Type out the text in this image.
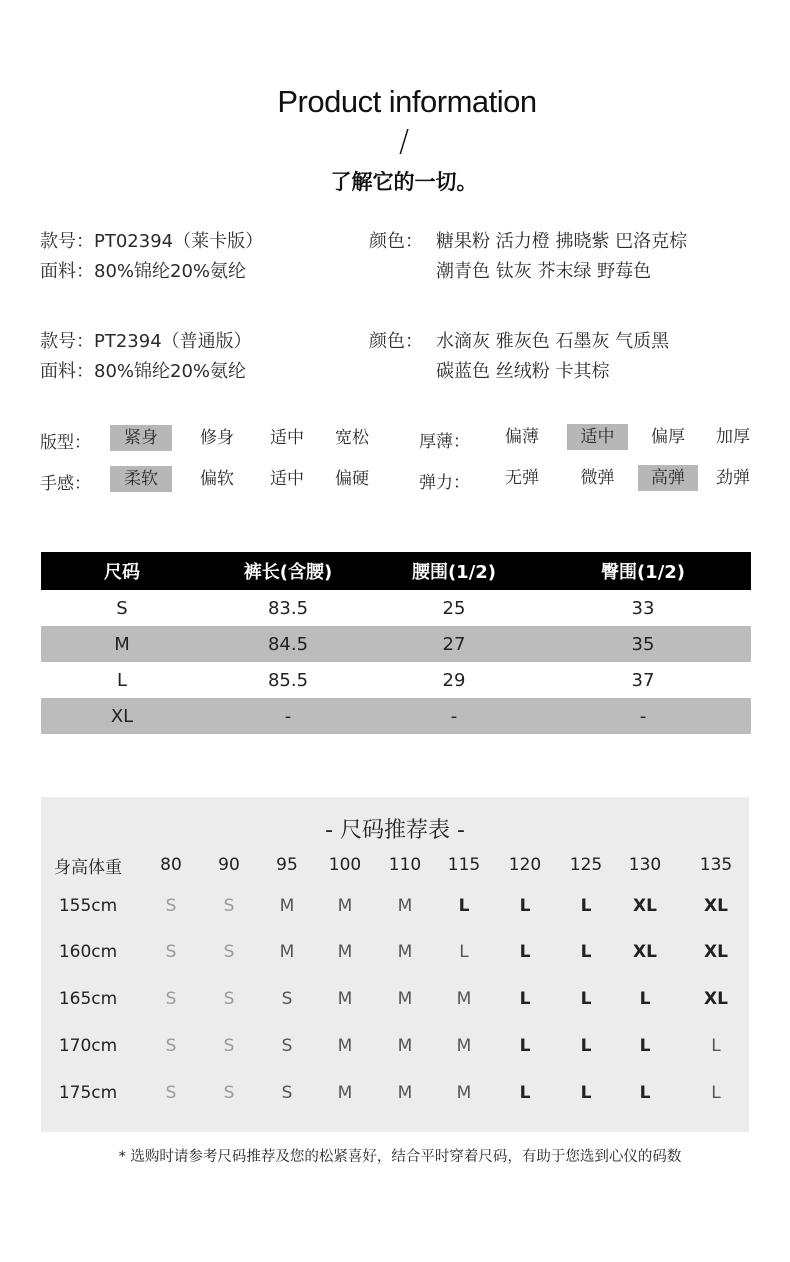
Product information
/
了解它的一切。
款号：PT02394（莱卡版）
面料：80%锦纶20%氨纶
颜色： 糖果粉 活力橙 拂晓紫 巴洛克棕
潮青色 钛灰 芥末绿 野莓色
款号：PT2394（普通版）
面料：80%锦纶20%氨纶
颜色： 水滴灰 雅灰色 石墨灰 气质黑
碳蓝色 丝绒粉 卡其棕
版型：	厚薄：
手感：	弹力：
紧身	修身	适中	宽松	偏薄	适中	偏厚	加厚
柔软	偏软	适中	偏硬	无弹	微弹	高弹	劲弹
尺码	裤长(含腰)	腰围(1/2)	臀围(1/2)
S	83.5	25	33
M	84.5	27	35
L	85.5	29	37
XL	-	-	-
- 尺码推荐表 -
身高体重	80	90	95	100	110	115	120	125	130	135
155cm	S	S	M	M	M	L	L	L	XL	XL
160cm	S	S	M	M	M	L	L	L	XL	XL
165cm	S	S	S	M	M	M	L	L	L	XL
170cm	S	S	S	M	M	M	L	L	L	L
175cm	S	S	S	M	M	M	L	L	L	L
* 选购时请参考尺码推荐及您的松紧喜好，结合平时穿着尺码，有助于您选到心仪的码数
